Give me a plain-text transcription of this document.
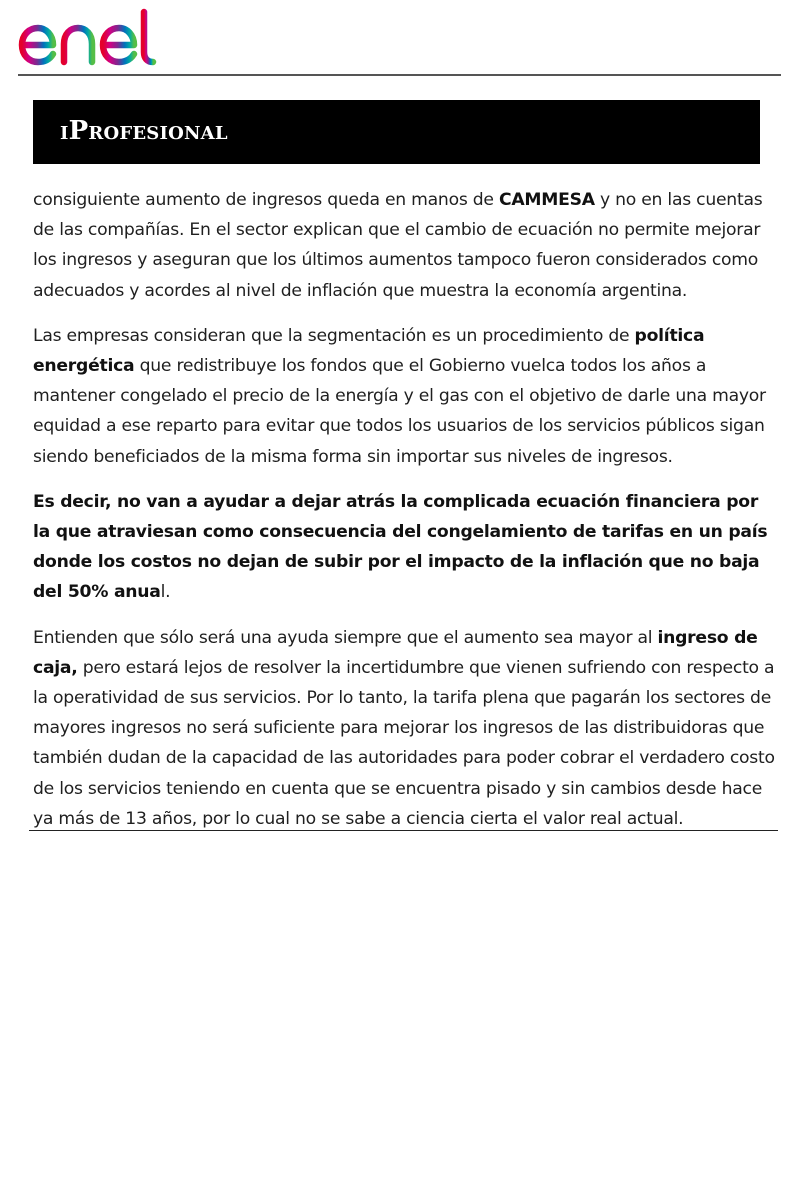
iProfesional

consiguiente aumento de ingresos queda en manos de CAMMESA y no en las cuentas de las compañías. En el sector explican que el cambio de ecuación no permite mejorar los ingresos y aseguran que los últimos aumentos tampoco fueron considerados como adecuados y acordes al nivel de inflación que muestra la economía argentina.

Las empresas consideran que la segmentación es un procedimiento de política energética que redistribuye los fondos que el Gobierno vuelca todos los años a mantener congelado el precio de la energía y el gas con el objetivo de darle una mayor equidad a ese reparto para evitar que todos los usuarios de los servicios públicos sigan siendo beneficiados de la misma forma sin importar sus niveles de ingresos.

Es decir, no van a ayudar a dejar atrás la complicada ecuación financiera por la que atraviesan como consecuencia del congelamiento de tarifas en un país donde los costos no dejan de subir por el impacto de la inflación que no baja del 50% anual.

Entienden que sólo será una ayuda siempre que el aumento sea mayor al ingreso de caja, pero estará lejos de resolver la incertidumbre que vienen sufriendo con respecto a la operatividad de sus servicios. Por lo tanto, la tarifa plena que pagarán los sectores de mayores ingresos no será suficiente para mejorar los ingresos de las distribuidoras que también dudan de la capacidad de las autoridades para poder cobrar el verdadero costo de los servicios teniendo en cuenta que se encuentra pisado y sin cambios desde hace ya más de 13 años, por lo cual no se sabe a ciencia cierta el valor real actual.
